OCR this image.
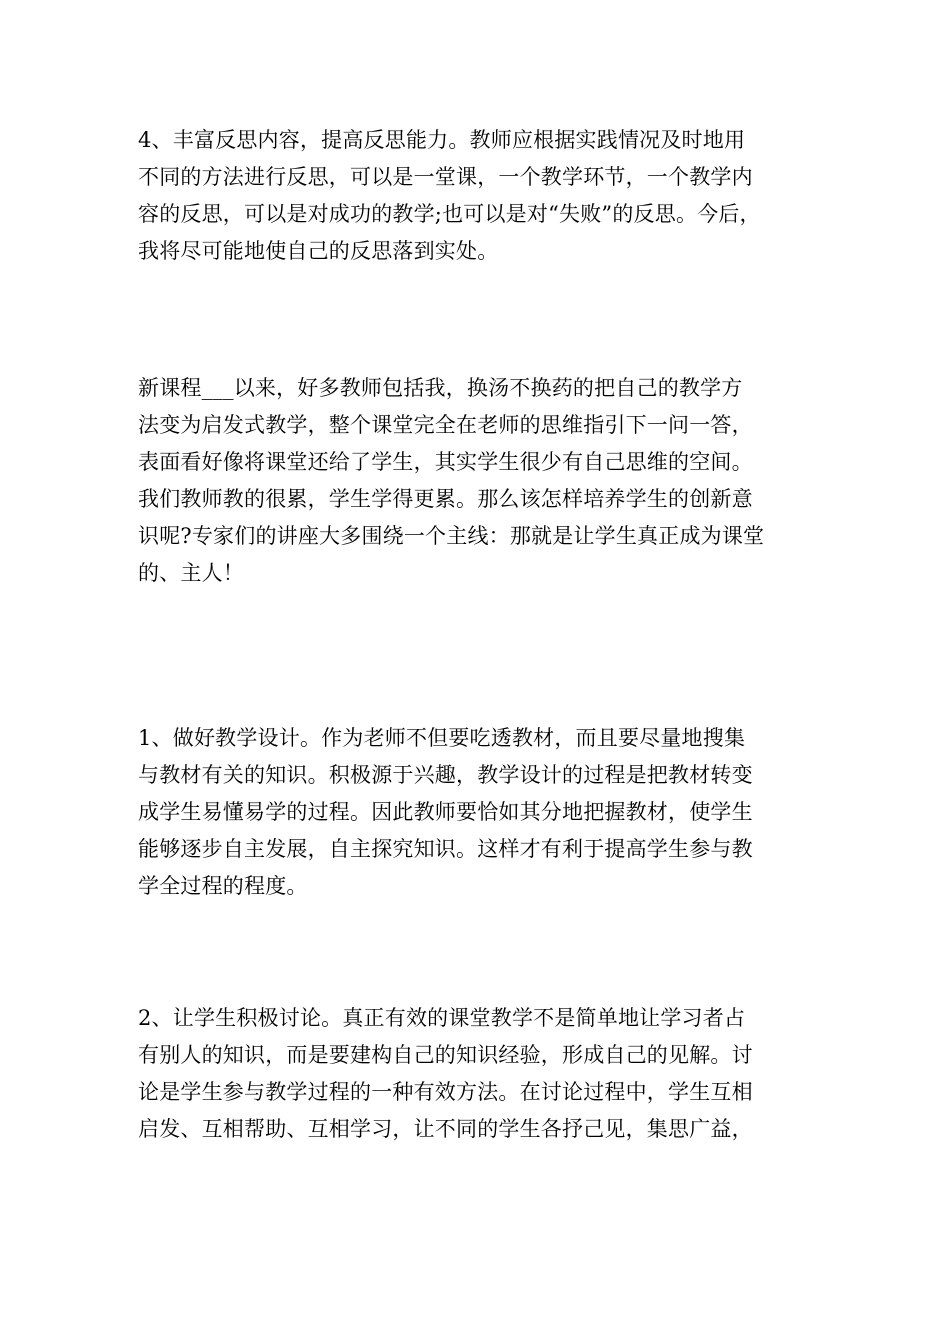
4、丰富反思内容，提高反思能力。教师应根据实践情况及时地用
不同的方法进行反思，可以是一堂课，一个教学环节，一个教学内
容的反思，可以是对成功的教学;也可以是对“失败”的反思。今后，
我将尽可能地使自己的反思落到实处。
新课程___以来，好多教师包括我，换汤不换药的把自己的教学方
法变为启发式教学，整个课堂完全在老师的思维指引下一问一答，
表面看好像将课堂还给了学生，其实学生很少有自己思维的空间。
我们教师教的很累，学生学得更累。那么该怎样培养学生的创新意
识呢?专家们的讲座大多围绕一个主线：那就是让学生真正成为课堂
的、主人！
1、做好教学设计。作为老师不但要吃透教材，而且要尽量地搜集
与教材有关的知识。积极源于兴趣，教学设计的过程是把教材转变
成学生易懂易学的过程。因此教师要恰如其分地把握教材，使学生
能够逐步自主发展，自主探究知识。这样才有利于提高学生参与教
学全过程的程度。
2、让学生积极讨论。真正有效的课堂教学不是简单地让学习者占
有别人的知识，而是要建构自己的知识经验，形成自己的见解。讨
论是学生参与教学过程的一种有效方法。在讨论过程中，学生互相
启发、互相帮助、互相学习，让不同的学生各抒己见，集思广益，
